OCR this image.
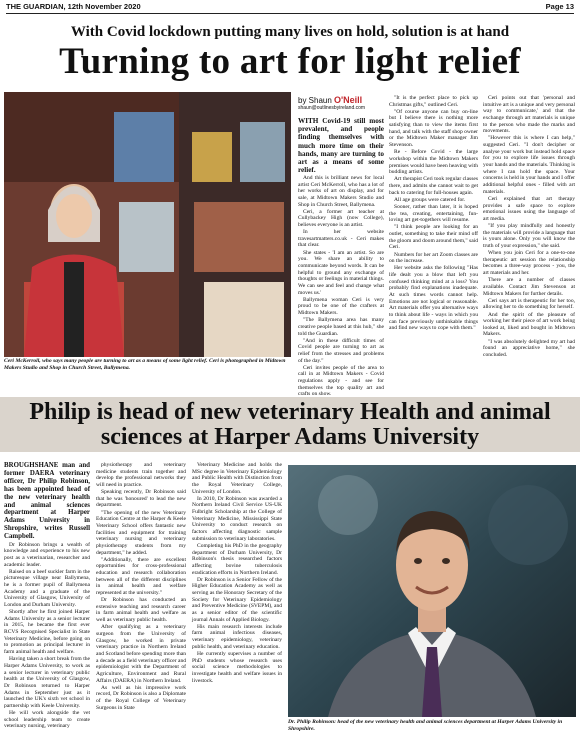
THE GUARDIAN, 12th November 2020	Page 13
With Covid lockdown putting many lives on hold, solution is at hand
Turning to art for light relief
Ceri McKerroll, who says many people are turning to art as a means of some light relief. Ceri is photographed in Midtown Makers Studio and Shop in Church Street, Ballymena.
by Shaun O'Neill
shaun@outlinesbyireland.com

WITH Covid-19 still most prevalent, and people finding themselves with much more time on their hands, many are turning to art as a means of some relief.

And this is brilliant news for local artist Ceri McKerroll, who has a lot of her works of art on display, and for sale, at Midtown Makers Studio and Shop in Church Street, Ballymena.

Ceri, a former art teacher at Cullybackey High (now College), believes everyone is an artist.

In her website travesartmatters.co.uk - Ceri makes that clear.

She states - 'I am an artist. So are you. We share an ability to communicate beyond words. It can be helpful to ground any exchange of thoughts or feelings in material things. We can see and feel and change what moves us.'

Ballymena woman Ceri is very proud to be one of the crafters at Midtown Makers.

"The Ballymena area has many creative people based at this hub," she told the Guardian.

"And in these difficult times of Covid people are turning to art as relief from the stresses and problems of the day."

Ceri invites people of the area to call in at Midtown Makers - Covid regulations apply - and see for themselves the top quality art and crafts on show.

"It is the perfect place to pick up Christmas gifts," outlined Ceri.

"Of course anyone can buy on-line but I believe there is nothing more satisfying than to view the items first hand, and talk with the staff shop owner or the Midtown Maker manager Jim Stevenson.

Re - Before Covid - the large workshop within the Midtown Makers premises would have been heaving with budding artists.

Art therapist Ceri took regular classes there, and admits she cannot wait to get back to catering for full-houses again.

All age groups were catered for.

Sooner, rather than later, it is hoped the tea, creating, entertaining, fun-loving art get-togethers will resume.

"I think people are looking for an outlet, something to take their mind off the gloom and doom around them," said Ceri.

Numbers for her art Zoom classes are on the increase.

Her website asks the following "Has life dealt you a blow that left you confused thinking mind at a loss? You probably find explanations inadequate. At such times words cannot help. Emotions are not logical or reasonable. Art materials offer you alternative ways to think about life - ways in which you can face previously unthinkable things and find new ways to cope with them."

Ceri points out that 'personal and intuitive art is a unique and very personal way to communicate,' and that the exchange through art materials is unique to the person who made the marks and movements.

"However this is where I can help," suggested Ceri. "I don't decipher or analyse your work but instead hold space for you to explore life issues through your hands and the materials. Thinking is where I can hold the space. Your concerns is held in your hands and I offer additional helpful ones - filled with art materials.

Ceri explained that art therapy provides a safe space to explore emotional issues using the language of art media.

"If you play mindfully and honestly the materials will provide a language that is yours alone. Only you will know the truth of your expression," she said.

When you join Ceri for a one-to-one therapeutic art session the relationship becomes a three-way process - you, the art materials and her.

There are a number of classes available. Contact Jim Stevenson at Midtown Makers for further details.

Ceri says art is therapeutic for her too, allowing her to do something for herself.

And the spirit of the pleasure of working her their piece of art work being looked at, liked and bought in Midtown Makers.

"I was absolutely delighted my art had found an appreciative home," she concluded.

Philip is head of new veterinary Health and animal sciences at Harper Adams University

BROUGHSHANE man and former DAERA veterinary officer, Dr Philip Robinson, has been appointed head of the new veterinary health and animal sciences department at Harper Adams University in Shropshire, writes Russell Campbell.

Dr Robinson brings a wealth of knowledge and experience to his new post as a veterinarian, researcher and academic leader.

Raised on a beef suckler farm in the picturesque village near Ballymena, he is a former pupil of Ballymena Academy and a graduate of the University of Glasgow, University of London and Durham University.

Shortly after he first joined Harper Adams University as a senior lecturer in 2015, he became the first ever RCVS Recognised Specialist in State Veterinary Medicine, before going on to promotion as principal lecturer in farm animal health and welfare.

Having taken a short break from the Harper Adams University, to work as a senior lecturer in veterinary public health at the University of Glasgow, Dr Robinson returned to Harper Adams in September just as it launched the UK's sixth vet school in partnership with Keele University.

He will work alongside the vet school leadership team to create veterinary nursing, veterinary

physiotherapy and veterinary medicine students train together and develop the professional networks they will need in practice.

Speaking recently, Dr Robinson said that he was 'honoured' to lead the new department.

"The opening of the new Veterinary Education Centre at the Harper & Keele Veterinary School offers fantastic new facilities and equipment for training veterinary nursing and veterinary physiotherapy students from my department," he added.

"Additionally, there are excellent opportunities for cross-professional education and research collaboration between all of the different disciplines in animal health and welfare represented at the university."

Dr Robinson has conducted an extensive teaching and research career in farm animal health and welfare as well as veterinary public health.

After qualifying as a veterinary surgeon from the University of Glasgow, he worked in private veterinary practice in Northern Ireland and Scotland before spending more than a decade as a field veterinary officer and epidemiologist with the Department of Agriculture, Environment and Rural Affairs (DAERA) in Northern Ireland.

As well as his impressive work record, Dr Robinson is also a Diplomate of the Royal College of Veterinary Surgeons in State

Veterinary Medicine and holds the MSc degree in Veterinary Epidemiology and Public Health with Distinction from the Royal Veterinary College, University of London.

In 2010, Dr Robinson was awarded a Northern Ireland Civil Service US-UK Fulbright Scholarship at the College of Veterinary Medicine, Mississippi State University to conduct research on factors affecting diagnostic sample submission to veterinary laboratories.

Completing his PhD in the geography department of Durham University, Dr Robinson's thesis researched factors affecting bovine tuberculosis eradication efforts in Northern Ireland.

Dr Robinson is a Senior Fellow of the Higher Education Academy as well as serving as the Honorary Secretary of the Society for Veterinary Epidemiology and Preventive Medicine (SVEPM), and as a senior editor of the scientific journal Annals of Applied Biology.

His main research interests include farm animal infectious diseases, veterinary epidemiology, veterinary public health, and veterinary education.

He currently supervises a number of PhD students whose research uses social science methodologies to investigate health and welfare issues in livestock.

Dr. Philip Robinson: head of the new veterinary health and animal sciences department at Harper Adams University in Shropshire.
